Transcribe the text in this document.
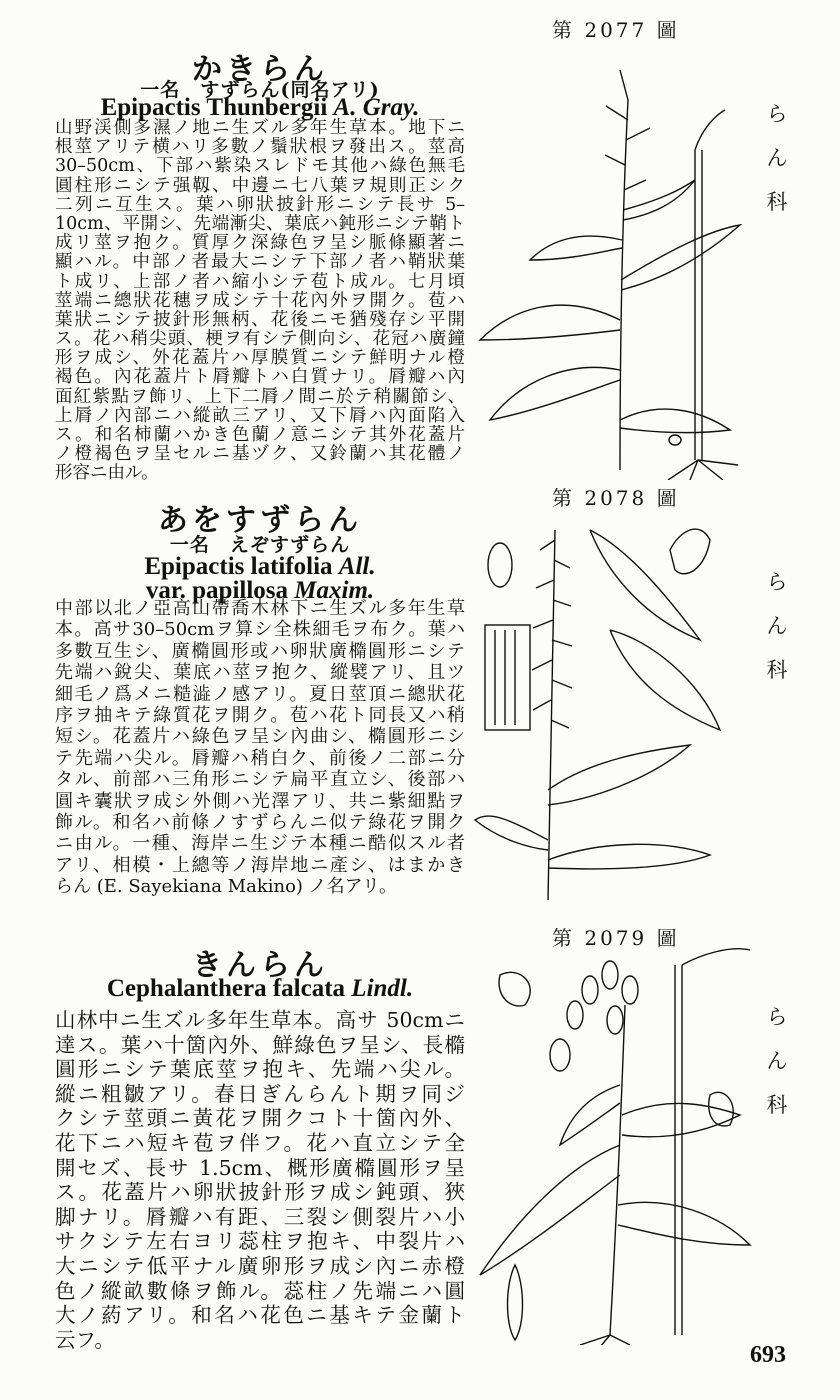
かきらん
一名　すずらん(同名アリ)
Epipactis Thunbergii A. Gray.
山野渓側多濕ノ地ニ生ズル多年生草本。地下ニ
根莖アリテ横ハリ多數ノ鬚狀根ヲ發出ス。莖高
30–50cm、下部ハ紫染スレドモ其他ハ綠色無毛
圓柱形ニシテ强靱、中邊ニ七八葉ヲ規則正シク
二列ニ互生ス。葉ハ卵狀披針形ニシテ長サ 5–
10cm、平開シ、先端漸尖、葉底ハ鈍形ニシテ鞘ト
成リ莖ヲ抱ク。質厚ク深綠色ヲ呈シ脈條顯著ニ
顯ハル。中部ノ者最大ニシテ下部ノ者ハ鞘狀葉
ト成リ、上部ノ者ハ縮小シテ苞ト成ル。七月頃
莖端ニ總狀花穗ヲ成シテ十花內外ヲ開ク。苞ハ
葉狀ニシテ披針形無柄、花後ニモ猶殘存シ平開
ス。花ハ稍尖頭、梗ヲ有シテ側向シ、花冠ハ廣鐘
形ヲ成シ、外花蓋片ハ厚膜質ニシテ鮮明ナル橙
褐色。內花蓋片ト脣瓣トハ白質ナリ。脣瓣ハ內
面紅紫點ヲ飾リ、上下二脣ノ間ニ於テ稍關節シ、
上脣ノ內部ニハ縱畝三アリ、又下脣ハ內面陷入
ス。和名柿蘭ハかき色蘭ノ意ニシテ其外花蓋片
ノ橙褐色ヲ呈セルニ基ヅク、又鈴蘭ハ其花體ノ
形容ニ由ル。
あをすずらん
一名　えぞすずらん
Epipactis latifolia All.
var. papillosa Maxim.
中部以北ノ亞高山帶喬木林下ニ生ズル多年生草
本。高サ30–50cmヲ算シ全株細毛ヲ布ク。葉ハ
多數互生シ、廣橢圓形或ハ卵狀廣橢圓形ニシテ
先端ハ銳尖、葉底ハ莖ヲ抱ク、縱襞アリ、且ツ
細毛ノ爲メニ糙澁ノ感アリ。夏日莖頂ニ總狀花
序ヲ抽キテ綠質花ヲ開ク。苞ハ花ト同長又ハ稍
短シ。花蓋片ハ綠色ヲ呈シ內曲シ、橢圓形ニシ
テ先端ハ尖ル。脣瓣ハ稍白ク、前後ノ二部ニ分
タル、前部ハ三角形ニシテ扁平直立シ、後部ハ
圓キ囊狀ヲ成シ外側ハ光澤アリ、共ニ紫細點ヲ
飾ル。和名ハ前條ノすずらんニ似テ綠花ヲ開ク
ニ由ル。一種、海岸ニ生ジテ本種ニ酷似スル者
アリ、相模・上總等ノ海岸地ニ產シ、はまかき
らん (E. Sayekiana Makino) ノ名アリ。
きんらん
Cephalanthera falcata Lindl.
山林中ニ生ズル多年生草本。高サ 50cmニ
達ス。葉ハ十箇內外、鮮綠色ヲ呈シ、長橢
圓形ニシテ葉底莖ヲ抱キ、先端ハ尖ル。
縱ニ粗皺アリ。春日ぎんらんト期ヲ同ジ
クシテ莖頭ニ黃花ヲ開クコト十箇內外、
花下ニハ短キ苞ヲ伴フ。花ハ直立シテ全
開セズ、長サ 1.5cm、概形廣橢圓形ヲ呈
ス。花蓋片ハ卵狀披針形ヲ成シ鈍頭、狹
脚ナリ。脣瓣ハ有距、三裂シ側裂片ハ小
サクシテ左右ヨリ蕊柱ヲ抱キ、中裂片ハ
大ニシテ低平ナル廣卵形ヲ成シ內ニ赤橙
色ノ縱畝數條ヲ飾ル。蕊柱ノ先端ニハ圓
大ノ葯アリ。和名ハ花色ニ基キテ金蘭ト
云フ。
第 2077 圖
第 2078 圖
第 2079 圖
ら
ん
科
ら
ん
科
ら
ん
科
693
